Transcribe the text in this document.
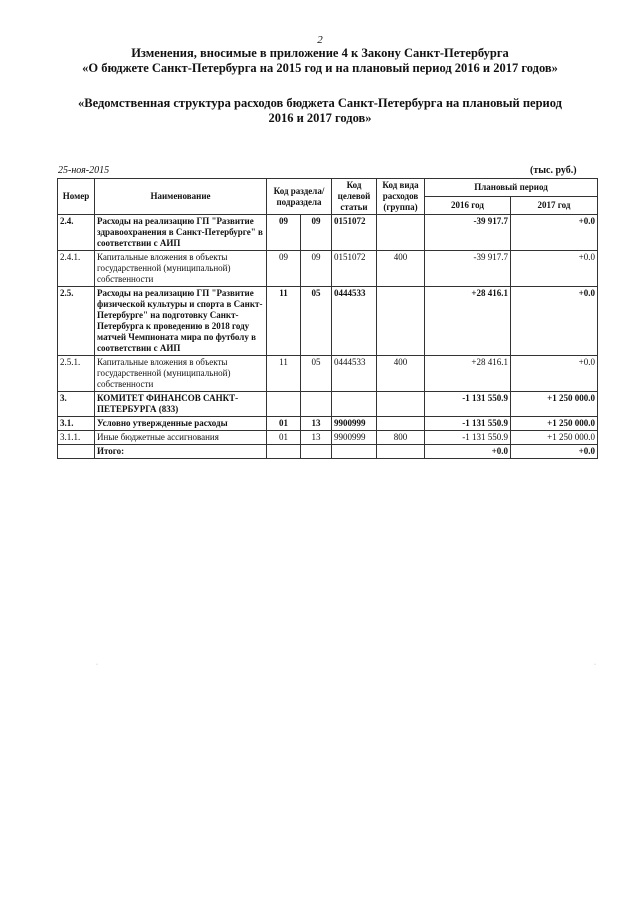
2
Изменения, вносимые в приложение 4 к Закону Санкт-Петербурга
«О бюджете Санкт-Петербурга на 2015 год и на плановый период 2016 и 2017 годов»
«Ведомственная структура расходов бюджета Санкт-Петербурга на плановый период
2016 и 2017 годов»
25-ноя-2015	(тыс. руб.)
Номер	Наименование	Код раздела/ подраздела		Код целевой статьи	Код вида расходов (группа)	Плановый период	
						2016 год	2017 год
2.4.	Расходы на реализацию ГП "Развитие здравоохранения в Санкт-Петербурге" в соответствии с АИП	09	09	0151072		-39 917.7	+0.0
2.4.1.	Капитальные вложения в объекты государственной (муниципальной) собственности	09	09	0151072	400	-39 917.7	+0.0
2.5.	Расходы на реализацию ГП "Развитие физической культуры и спорта в Санкт-Петербурге" на подготовку Санкт-Петербурга к проведению в 2018 году матчей Чемпионата мира по футболу в соответствии с АИП	11	05	0444533		+28 416.1	+0.0
2.5.1.	Капитальные вложения в объекты государственной (муниципальной) собственности	11	05	0444533	400	+28 416.1	+0.0
3.	КОМИТЕТ ФИНАНСОВ САНКТ-ПЕТЕРБУРГА (833)					-1 131 550.9	+1 250 000.0
3.1.	Условно утвержденные расходы	01	13	9900999		-1 131 550.9	+1 250 000.0
3.1.1.	Иные бюджетные ассигнования	01	13	9900999	800	-1 131 550.9	+1 250 000.0
	Итого:					+0.0	+0.0
·	·
